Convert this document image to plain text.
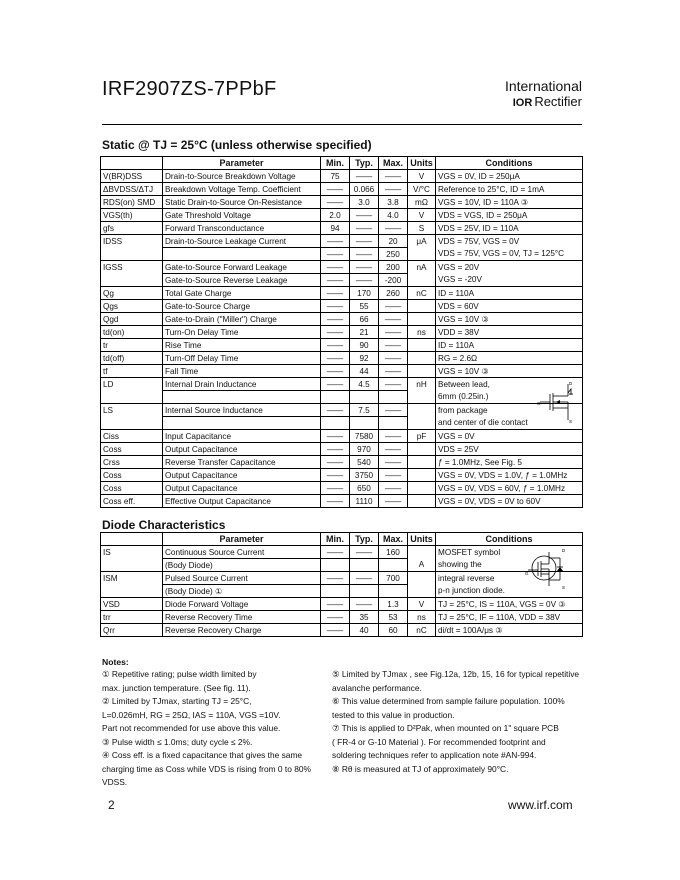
IRF2907ZS-7PPbF	International
IOR Rectifier
Static @ TJ = 25°C (unless otherwise specified)
	Parameter	Min.	Typ.	Max.	Units	Conditions
V(BR)DSS	Drain-to-Source Breakdown Voltage	75	——	——	V	VGS = 0V, ID = 250μA
ΔBVDSS/ΔTJ	Breakdown Voltage Temp. Coefficient	——	0.066	——	V/°C	Reference to 25°C, ID = 1mA
RDS(on) SMD	Static Drain-to-Source On-Resistance	——	3.0	3.8	mΩ	VGS = 10V, ID = 110A ③
VGS(th)	Gate Threshold Voltage	2.0	——	4.0	V	VDS = VGS, ID = 250μA
gfs	Forward Transconductance	94	——	——	S	VDS = 25V, ID = 110A
IDSS	Drain-to-Source Leakage Current	——	——	20	μA	VDS = 75V, VGS = 0V
		——	——	250		VDS = 75V, VGS = 0V, TJ = 125°C
IGSS	Gate-to-Source Forward Leakage	——	——	200	nA	VGS = 20V
	Gate-to-Source Reverse Leakage	——	——	-200		VGS = -20V
Qg	Total Gate Charge	——	170	260	nC	ID = 110A
Qgs	Gate-to-Source Charge	——	55	——		VDS = 60V
Qgd	Gate-to-Drain ("Miller") Charge	——	66	——		VGS = 10V ③
td(on)	Turn-On Delay Time	——	21	——	ns	VDD = 38V
tr	Rise Time	——	90	——		ID = 110A
td(off)	Turn-Off Delay Time	——	92	——		RG = 2.6Ω
tf	Fall Time	——	44	——		VGS = 10V ③
LD	Internal Drain Inductance	——	4.5	——	nH	Between lead,
						6mm (0.25in.)
LS	Internal Source Inductance	——	7.5	——		from package
						and center of die contact
Ciss	Input Capacitance	——	7580	——	pF	VGS = 0V
Coss	Output Capacitance	——	970	——		VDS = 25V
Crss	Reverse Transfer Capacitance	——	540	——		ƒ = 1.0MHz, See Fig. 5
Coss	Output Capacitance	——	3750	——		VGS = 0V, VDS = 1.0V, ƒ = 1.0MHz
Coss	Output Capacitance	——	650	——		VGS = 0V, VDS = 60V, ƒ = 1.0MHz
Coss eff.	Effective Output Capacitance	——	1110	——		VGS = 0V, VDS = 0V to 60V
Diode Characteristics
	Parameter	Min.	Typ.	Max.	Units	Conditions
IS	Continuous Source Current	——	——	160		MOSFET symbol
	(Body Diode)				A	showing the
ISM	Pulsed Source Current	——	——	700		integral reverse
	(Body Diode) ①					p-n junction diode.
VSD	Diode Forward Voltage	——	——	1.3	V	TJ = 25°C, IS = 110A, VGS = 0V ③
trr	Reverse Recovery Time	——	35	53	ns	TJ = 25°C, IF = 110A, VDD = 38V
Qrr	Reverse Recovery Charge	——	40	60	nC	di/dt = 100A/μs ③
D
G
S
D
G
S
Notes:

① Repetitive rating; pulse width limited by

max. junction temperature. (See fig. 11).

② Limited by TJmax, starting TJ = 25°C,

L=0.026mH, RG = 25Ω, IAS = 110A, VGS =10V.

Part not recommended for use above this value.

③ Pulse width ≤ 1.0ms; duty cycle ≤ 2%.

④ Coss eff. is a fixed capacitance that gives the same

charging time as Coss while VDS is rising from 0 to 80%

VDSS.

⑤ Limited by TJmax , see Fig.12a, 12b, 15, 16 for typical repetitive

avalanche performance.

⑥ This value determined from sample failure population. 100%

tested to this value in production.

⑦ This is applied to D²Pak, when mounted on 1" square PCB

( FR-4 or G-10 Material ). For recommended footprint and

soldering techniques refer to application note #AN-994.

⑧ Rθ is measured at TJ of approximately 90°C.

2	www.irf.com
